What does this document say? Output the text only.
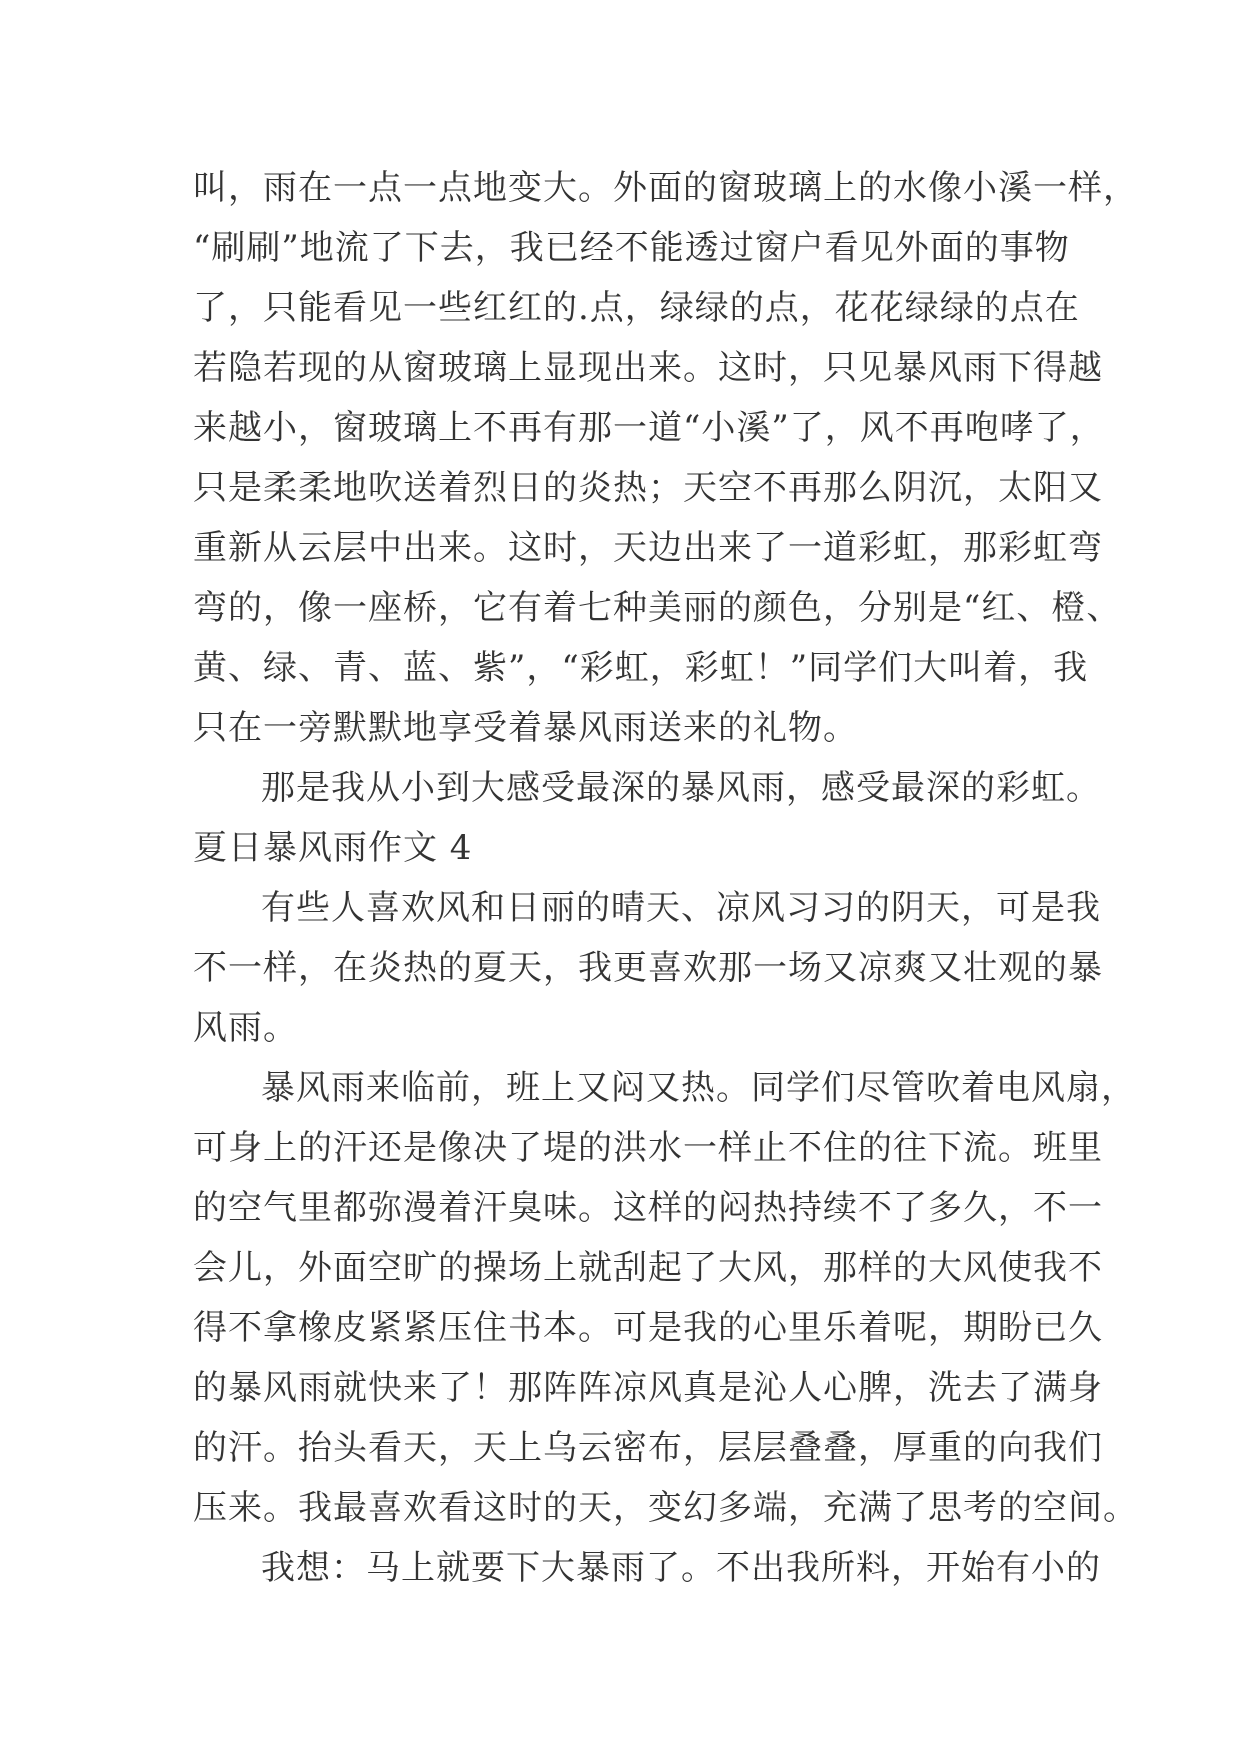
叫，雨在一点一点地变大。外面的窗玻璃上的水像小溪一样，
“刷刷”地流了下去，我已经不能透过窗户看见外面的事物
了，只能看见一些红红的.点，绿绿的点，花花绿绿的点在
若隐若现的从窗玻璃上显现出来。这时，只见暴风雨下得越
来越小，窗玻璃上不再有那一道“小溪”了，风不再咆哮了，
只是柔柔地吹送着烈日的炎热；天空不再那么阴沉，太阳又
重新从云层中出来。这时，天边出来了一道彩虹，那彩虹弯
弯的，像一座桥，它有着七种美丽的颜色，分别是“红、橙、
黄、绿、青、蓝、紫”，“彩虹，彩虹！”同学们大叫着，我
只在一旁默默地享受着暴风雨送来的礼物。
那是我从小到大感受最深的暴风雨，感受最深的彩虹。
夏日暴风雨作文 4
有些人喜欢风和日丽的晴天、凉风习习的阴天，可是我
不一样，在炎热的夏天，我更喜欢那一场又凉爽又壮观的暴
风雨。
暴风雨来临前，班上又闷又热。同学们尽管吹着电风扇，
可身上的汗还是像决了堤的洪水一样止不住的往下流。班里
的空气里都弥漫着汗臭味。这样的闷热持续不了多久，不一
会儿，外面空旷的操场上就刮起了大风，那样的大风使我不
得不拿橡皮紧紧压住书本。可是我的心里乐着呢，期盼已久
的暴风雨就快来了！那阵阵凉风真是沁人心脾，洗去了满身
的汗。抬头看天，天上乌云密布，层层叠叠，厚重的向我们
压来。我最喜欢看这时的天，变幻多端，充满了思考的空间。
我想：马上就要下大暴雨了。不出我所料，开始有小的
